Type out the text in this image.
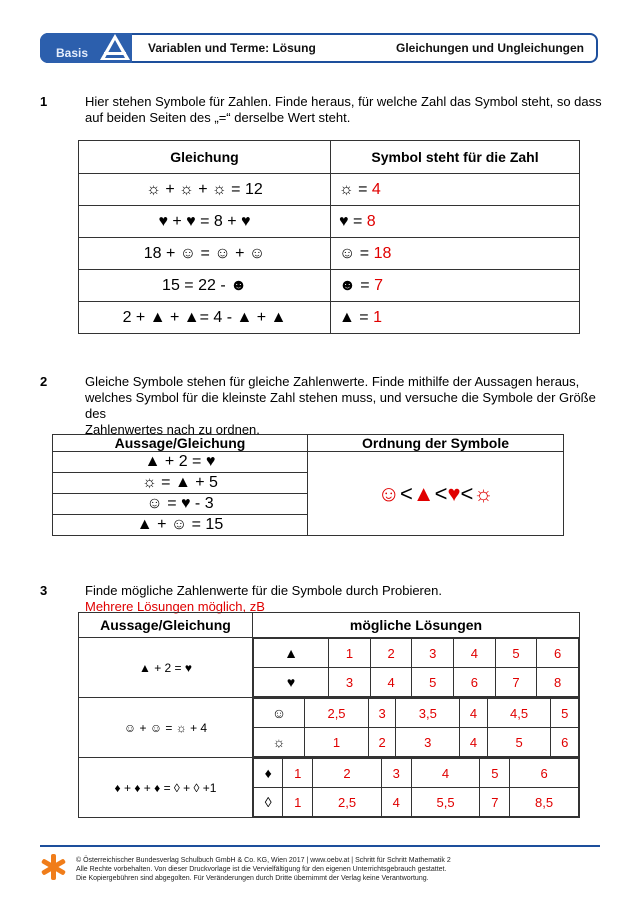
Basis	Variablen und Terme: Lösung	Gleichungen und Ungleichungen
1	Hier stehen Symbole für Zahlen. Finde heraus, für welche Zahl das Symbol steht, so dass
auf beiden Seiten des „=“ derselbe Wert steht.
Gleichung	Symbol steht für die Zahl
☼ + ☼ + ☼ = 12	☼ = 4
♥ + ♥ = 8 + ♥	♥ = 8
18 + ☺ = ☺ + ☺	☺ = 18
15 = 22 - ☻	☻ = 7
2 + ▲ + ▲= 4 - ▲ + ▲	▲ = 1
2	Gleiche Symbole stehen für gleiche Zahlenwerte. Finde mithilfe der Aussagen heraus,
welches Symbol für die kleinste Zahl stehen muss, und versuche die Symbole der Größe des
Zahlenwertes nach zu ordnen.
Aussage/Gleichung	Ordnung der Symbole
▲ + 2 = ♥	☺<▲<♥<☼
☼ = ▲ + 5	
☺ = ♥ - 3	
▲ + ☺ = 15	
3	Finde mögliche Zahlenwerte für die Symbole durch Probieren.
Mehrere Lösungen möglich, zB
Aussage/Gleichung	mögliche Lösungen
▲ + 2 = ♥	
▲	1	2	3	4	5	6
♥	3	4	5	6	7	8

☺ + ☺ = ☼ + 4	
☺	2,5	3	3,5	4	4,5	5
☼	1	2	3	4	5	6

♦ + ♦ + ♦ = ◊ + ◊ +1	
♦	1	2	3	4	5	6
◊	1	2,5	4	5,5	7	8,5
© Österreichischer Bundesverlag Schulbuch GmbH & Co. KG, Wien 2017 | www.oebv.at | Schritt für Schritt Mathematik 2
Alle Rechte vorbehalten. Von dieser Druckvorlage ist die Vervielfältigung für den eigenen Unterrichtsgebrauch gestattet.
Die Kopiergebühren sind abgegolten. Für Veränderungen durch Dritte übernimmt der Verlag keine Verantwortung.
